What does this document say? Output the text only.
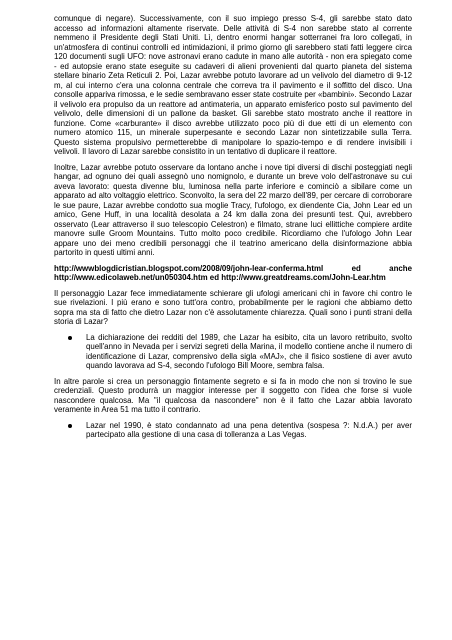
comunque di negare). Successivamente, con il suo impiego presso S-4, gli sarebbe stato dato accesso ad informazioni altamente riservate. Delle attività di S-4 non sarebbe stato al corrente nemmeno il Presidente degli Stati Uniti. Lì, dentro enormi hangar sotterranei fra loro collegati, in un'atmosfera di continui controlli ed intimidazioni, il primo giorno gli sarebbero stati fatti leggere circa 120 documenti sugli UFO: nove astronavi erano cadute in mano alle autorità - non era spiegato come - ed autopsie erano state eseguite su cadaveri di alieni provenienti dal quarto pianeta del sistema stellare binario Zeta Reticuli 2. Poi, Lazar avrebbe potuto lavorare ad un velivolo del diametro di 9-12 m, al cui interno c'era una colonna centrale che correva tra il pavimento e il soffitto del disco. Una consolle appariva rimossa, e le sedie sembravano esser state costruite per «bambini». Secondo Lazar il velivolo era propulso da un reattore ad antimateria, un apparato emisferico posto sul pavimento del velivolo, delle dimensioni di un pallone da basket. Gli sarebbe stato mostrato anche il reattore in funzione. Come «carburante» il disco avrebbe utilizzato poco più di due etti di un elemento con numero atomico 115, un minerale superpesante e secondo Lazar non sintetizzabile sulla Terra. Questo sistema propulsivo permetterebbe di manipolare lo spazio-tempo e di rendere invisibili i velivoli. Il lavoro di Lazar sarebbe consistito in un tentativo di duplicare il reattore.

Inoltre, Lazar avrebbe potuto osservare da lontano anche i nove tipi diversi di dischi posteggiati negli hangar, ad ognuno dei quali assegnò uno nomignolo, e durante un breve volo dell'astronave su cui aveva lavorato: questa divenne blu, luminosa nella parte inferiore e cominciò a sibilare come un apparato ad alto voltaggio elettrico. Sconvolto, la sera del 22 marzo dell'89, per cercare di corroborare le sue paure, Lazar avrebbe condotto sua moglie Tracy, l'ufologo, ex diendente Cia, John Lear ed un amico, Gene Huff, in una località desolata a 24 km dalla zona dei presunti test. Qui, avrebbero osservato (Lear attraverso il suo telescopio Celestron) e filmato, strane luci ellittiche compiere ardite manovre sulle Groom Mountains. Tutto molto poco credibile. Ricordiamo che l'ufologo John Lear appare uno dei meno credibili personaggi che il teatrino americano della disinformazione abbia partorito in questi ultimi anni.

http://wwwblogdicristian.blogspot.com/2008/09/john-lear-conferma.html ed anche http://www.edicolaweb.net/un050304.htm ed http://www.greatdreams.com/John-Lear.htm

Il personaggio Lazar fece immediatamente schierare gli ufologi americani chi in favore chi contro le sue rivelazioni. I più erano e sono tutt'ora contro, probabilmente per le ragioni che abbiamo detto sopra ma sta di fatto che dietro Lazar non c'è assolutamente chiarezza. Quali sono i punti strani della storia di Lazar?

La dichiarazione dei redditi del 1989, che Lazar ha esibito, cita un lavoro retribuito, svolto quell'anno in Nevada per i servizi segreti della Marina, il modello contiene anche il numero di identificazione di Lazar, comprensivo della sigla «MAJ», che il fisico sostiene di aver avuto quando lavorava ad S-4, secondo l'ufologo Bill Moore, sembra falsa.

In altre parole si crea un personaggio fintamente segreto e si fa in modo che non si trovino le sue credenziali. Questo produrrà un maggior interesse per il soggetto con l'idea che forse si vuole nascondere qualcosa. Ma "il qualcosa da nascondere" non è il fatto che Lazar abbia lavorato veramente in Area 51 ma tutto il contrario.

Lazar nel 1990, è stato condannato ad una pena detentiva (sospesa ?: N.d.A.) per aver partecipato alla gestione di una casa di tolleranza a Las Vegas.
